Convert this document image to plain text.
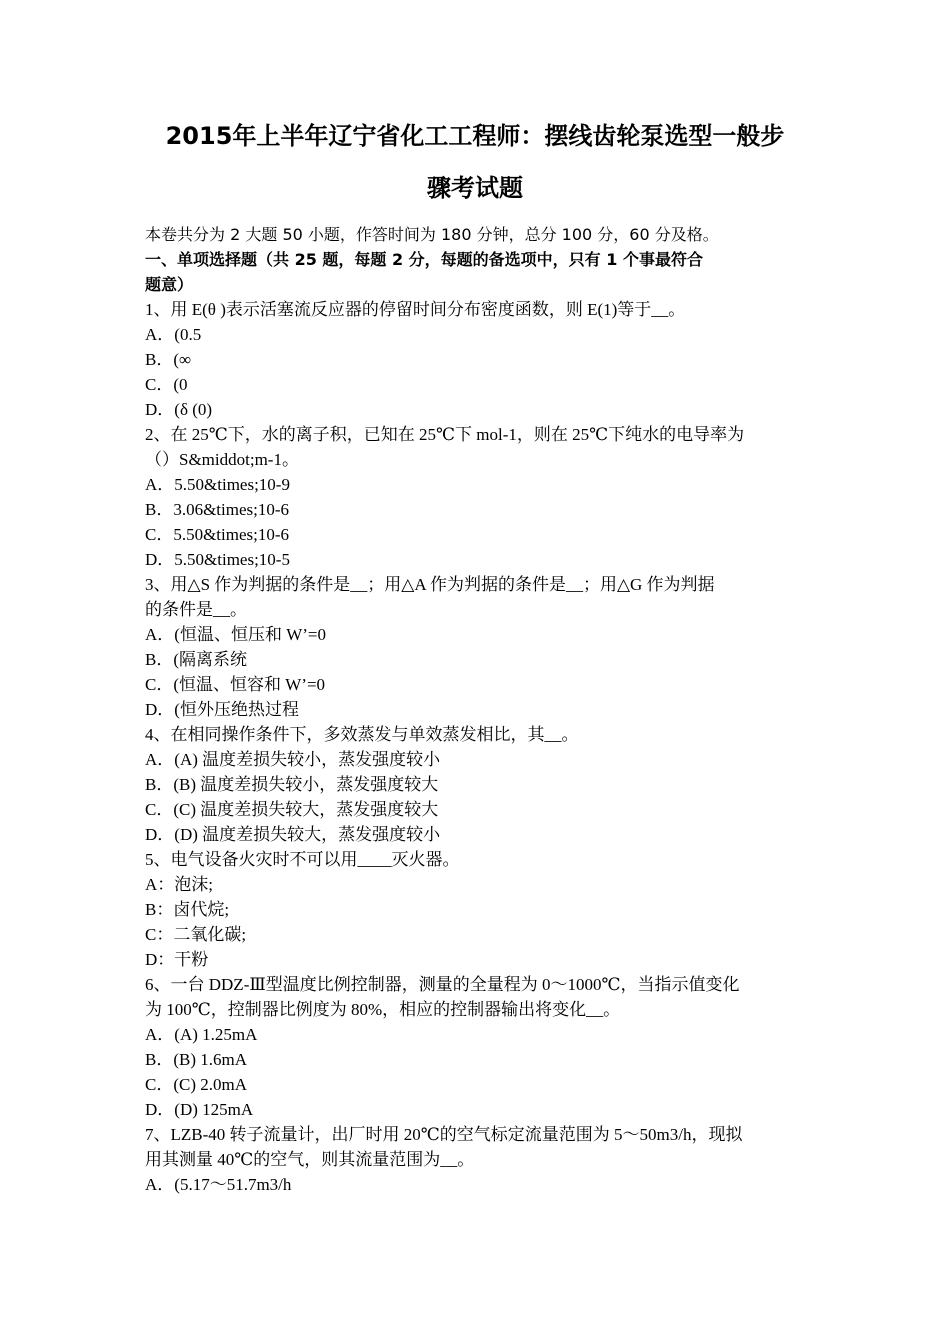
2015年上半年辽宁省化工工程师：摆线齿轮泵选型一般步
骤考试题
本卷共分为 2 大题 50 小题，作答时间为 180 分钟，总分 100 分，60 分及格。
一、单项选择题（共 25 题，每题 2 分，每题的备选项中，只有 1 个事最符合
题意）
1、用 E(θ )表示活塞流反应器的停留时间分布密度函数，则 E(1)等于__。
A．(0.5
B．(∞
C．(0
D．(δ (0)
2、在 25℃下，水的离子积，已知在 25℃下 mol-1，则在 25℃下纯水的电导率为
（）S&middot;m-1。
A．5.50&times;10-9
B．3.06&times;10-6
C．5.50&times;10-6
D．5.50&times;10-5
3、用△S 作为判据的条件是__；用△A 作为判据的条件是__；用△G 作为判据
的条件是__。
A．(恒温、恒压和 W’=0
B．(隔离系统
C．(恒温、恒容和 W’=0
D．(恒外压绝热过程
4、在相同操作条件下，多效蒸发与单效蒸发相比，其__。
A．(A) 温度差损失较小，蒸发强度较小
B．(B) 温度差损失较小，蒸发强度较大
C．(C) 温度差损失较大，蒸发强度较大
D．(D) 温度差损失较大，蒸发强度较小
5、电气设备火灾时不可以用____灭火器。
A：泡沫;
B：卤代烷;
C：二氧化碳;
D：干粉
6、一台 DDZ-Ⅲ型温度比例控制器，测量的全量程为 0～1000℃，当指示值变化
为 100℃，控制器比例度为 80%，相应的控制器输出将变化__。
A．(A) 1.25mA
B．(B) 1.6mA
C．(C) 2.0mA
D．(D) 125mA
7、LZB-40 转子流量计，出厂时用 20℃的空气标定流量范围为 5～50m3/h，现拟
用其测量 40℃的空气，则其流量范围为__。
A．(5.17～51.7m3/h
